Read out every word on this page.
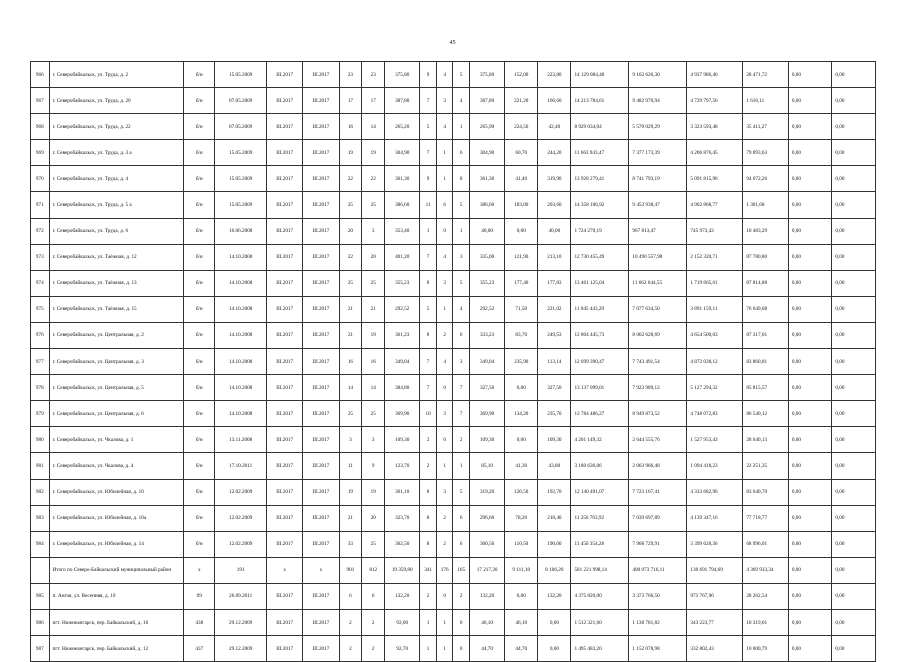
45
966	г. Северобайкальск, ул. Труда, д. 2	б/н	15.05.2009	III.2017	III.2017	23	23	375,80	9	4	5	375,80	152,00	223,80	14 129 084,48	9 162 626,30	4 937 986,46	28 471,72	0,00	0,00
967	г. Северобайкальск, ул. Труда, д. 20	б/н	07.05.2009	III.2017	III.2017	17	17	387,80	7	3	4	387,80	221,20	166,60	14 213 784,61	9 482 970,94	4 729 797,56	1 616,11	0,00	0,00
968	г. Северобайкальск, ул. Труда, д. 22	б/н	07.05.2009	III.2017	III.2017	16	14	265,20	5	4	1	265,90	224,50	42,40	8 929 034,04	5 570 029,29	3 323 593,48	35 411,27	0,00	0,00
969	г. Северобайкальск, ул. Труда, д. 3 а	б/н	15.05.2009	III.2017	III.2017	19	19	304,90	7	1	6	304,90	60,70	244,20	11 663 943,47	7 377 173,39	4 206 876,45	79 893,63	0,00	0,00
970	г. Северобайкальск, ул. Труда, д. 4	б/н	15.05.2009	III.2017	III.2017	22	22	361,30	9	1	8	361,30	41,40	319,90	13 928 279,41	8 741 793,19	5 091 815,96	94 672,26	0,00	0,00
971	г. Северобайкальск, ул. Труда, д. 5 а	б/н	15.05.2009	III.2017	III.2017	25	25	386,60	11	6	5	386,60	183,00	203,60	14 358 106,92	9 453 938,47	4 902 868,77	1 301,68	0,00	0,00
972	г. Северобайкальск, ул. Труда, д. 6	б/н	16.06.2008	III.2017	III.2017	20	3	353,40	1	0	1	40,00	0,00	40,00	1 724 270,19	967 813,47	745 973,43	10 483,29	0,00	0,00
973	г. Северобайкальск, ул. Таёжная, д. 12	б/н	14.10.2008	III.2017	III.2017	22	20	401,20	7	4	3	335,00	121,90	213,10	12 730 455,49	10 490 557,98	2 152 320,71	87 780,80	0,00	0,00
974	г. Северобайкальск, ул. Таёжная, д. 13	б/н	14.10.2008	III.2017	III.2017	25	25	355,23	8	3	5	355,23	177,40	177,83	13 461 125,04	11 662 644,55	1 719 665,61	87 814,88	0,00	0,00
975	г. Северобайкальск, ул. Таёжная, д. 15	б/н	14.10.2008	III.2017	III.2017	21	21	292,52	5	1	4	292,52	71,50	221,02	11 045 443,29	7 077 634,50	3 891 159,11	76 649,68	0,00	0,00
976	г. Северобайкальск, ул. Центральная, д. 2	б/н	14.10.2008	III.2017	III.2017	21	19	361,23	8	2	6	333,23	83,70	249,53	12 804 445,73	8 062 628,69	4 654 500,03	87 317,01	0,00	0,00
977	г. Северобайкальск, ул. Центральная, д. 3	б/н	14.10.2008	III.2017	III.2017	16	16	349,04	7	4	3	349,04	235,90	113,14	12 699 390,47	7 743 491,54	4 872 038,12	83 860,81	0,00	0,00
978	г. Северобайкальск, ул. Центральная, д. 5	б/н	14.10.2008	III.2017	III.2017	14	14	384,80	7	0	7	327,50	0,00	327,50	13 137 099,01	7 923 989,12	5 127 294,32	85 815,57	0,00	0,00
979	г. Северобайкальск, ул. Центральная, д. 6	б/н	14.10.2008	III.2017	III.2017	25	25	369,90	10	3	7	369,90	134,20	235,70	13 784 486,27	8 949 873,52	4 748 072,83	86 540,12	0,00	0,00
980	г. Северобайкальск, ул. Чкалова, д. 1	б/н	13.11.2008	III.2017	III.2017	3	3	109,30	2	0	2	109,30	0,00	109,30	4 201 149,32	2 644 555,76	1 527 953,43	28 640,13	0,00	0,00
981	г. Северобайкальск, ул. Чкалова, д. 4	б/н	17.10.2011	III.2017	III.2017	11	9	123,70	2	1	1	85,10	41,30	43,80	3 180 636,06	2 063 966,48	1 094 418,23	22 251,35	0,00	0,00
982	г. Северобайкальск, ул. Юбилейная, д. 10	б/н	12.02.2009	III.2017	III.2017	19	19	361,10	8	3	5	319,20	126,50	192,70	12 140 491,07	7 723 167,41	4 333 682,96	83 640,70	0,00	0,00
983	г. Северобайкальск, ул. Юбилейная, д. 10а	б/н	12.02.2009	III.2017	III.2017	21	20	323,70	8	2	6	296,60	78,20	218,40	11 256 763,92	7 039 697,89	4 139 347,16	77 718,77	0,00	0,00
984	г. Северобайкальск, ул. Юбилейная, д. 14	б/н	12.02.2009	III.2017	III.2017	33	25	362,50	8	2	6	300,50	110,50	190,00	11 450 354,28	7 968 729,91	3 399 628,36	68 996,01	0,00	0,00
	Итого по Северо-Байкальский муниципальный район	x	191	x	x	901	812	19 359,80	341	176	165	17 217,30	9 111,10	8 106,20	581 221 998,14	400 073 716,11	130 691 794,69	4 369 933,34	0,00	0,00
985	п. Ангоя, ул. Весенняя, д. 10	09	26.09.2011	III.2017	III.2017	6	6	132,20	2	0	2	132,20	0,00	132,20	4 375 820,00	3 373 766,50	973 767,96	28 262,54	0,00	0,00
986	пгт. Нижнеангарск, пер. Байкальский, д. 10	438	29.12.2009	III.2017	III.2017	2	2	92,00	1	1	0	46,10	46,10	0,00	1 512 321,60	1 138 781,82	343 223,77	10 319,01	0,00	0,00
987	пгт. Нижнеангарск, пер. Байкальский, д. 12	437	29.12.2009	III.2017	III.2017	2	2	92,70	1	1	0	44,70	44,70	0,00	1 495 483,20	1 152 078,98	332 802,43	10 000,79	0,00	0,00
